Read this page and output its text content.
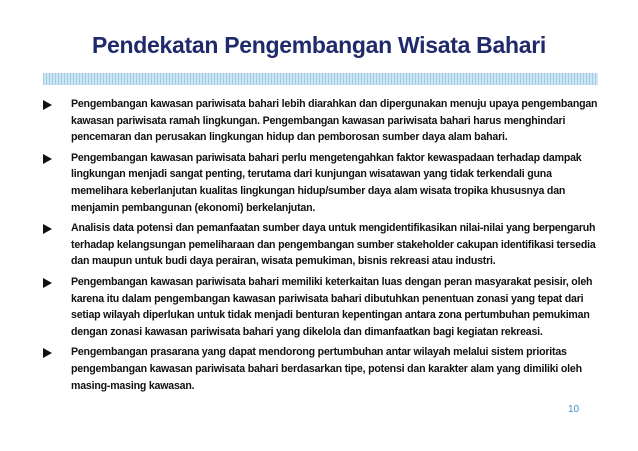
Pendekatan Pengembangan Wisata Bahari
Pengembangan kawasan pariwisata bahari lebih diarahkan dan dipergunakan menuju upaya pengembangan kawasan pariwisata ramah lingkungan. Pengembangan kawasan pariwisata bahari harus menghindari pencemaran dan perusakan lingkungan hidup dan pemborosan sumber daya alam bahari.
Pengembangan kawasan pariwisata bahari perlu mengetengahkan faktor kewaspadaan terhadap dampak lingkungan menjadi sangat penting, terutama dari kunjungan wisatawan yang tidak terkendali guna memelihara keberlanjutan kualitas lingkungan hidup/sumber daya alam wisata tropika khususnya dan menjamin pembangunan (ekonomi) berkelanjutan.
Analisis data potensi dan pemanfaatan sumber daya untuk mengidentifikasikan nilai-nilai yang berpengaruh terhadap kelangsungan pemeliharaan dan pengembangan sumber stakeholder cakupan identifikasi tersedia dan maupun untuk budi daya perairan, wisata pemukiman, bisnis rekreasi atau industri.
Pengembangan kawasan pariwisata bahari memiliki keterkaitan luas dengan peran masyarakat pesisir, oleh karena itu dalam pengembangan kawasan pariwisata bahari dibutuhkan penentuan zonasi yang tepat dari setiap wilayah diperlukan untuk tidak menjadi benturan kepentingan antara zona pertumbuhan pemukiman dengan zonasi kawasan pariwisata bahari yang dikelola dan dimanfaatkan bagi kegiatan rekreasi.
Pengembangan prasarana yang dapat mendorong pertumbuhan antar wilayah melalui sistem prioritas pengembangan kawasan pariwisata bahari berdasarkan tipe, potensi dan karakter alam yang dimiliki oleh masing-masing kawasan.
10
